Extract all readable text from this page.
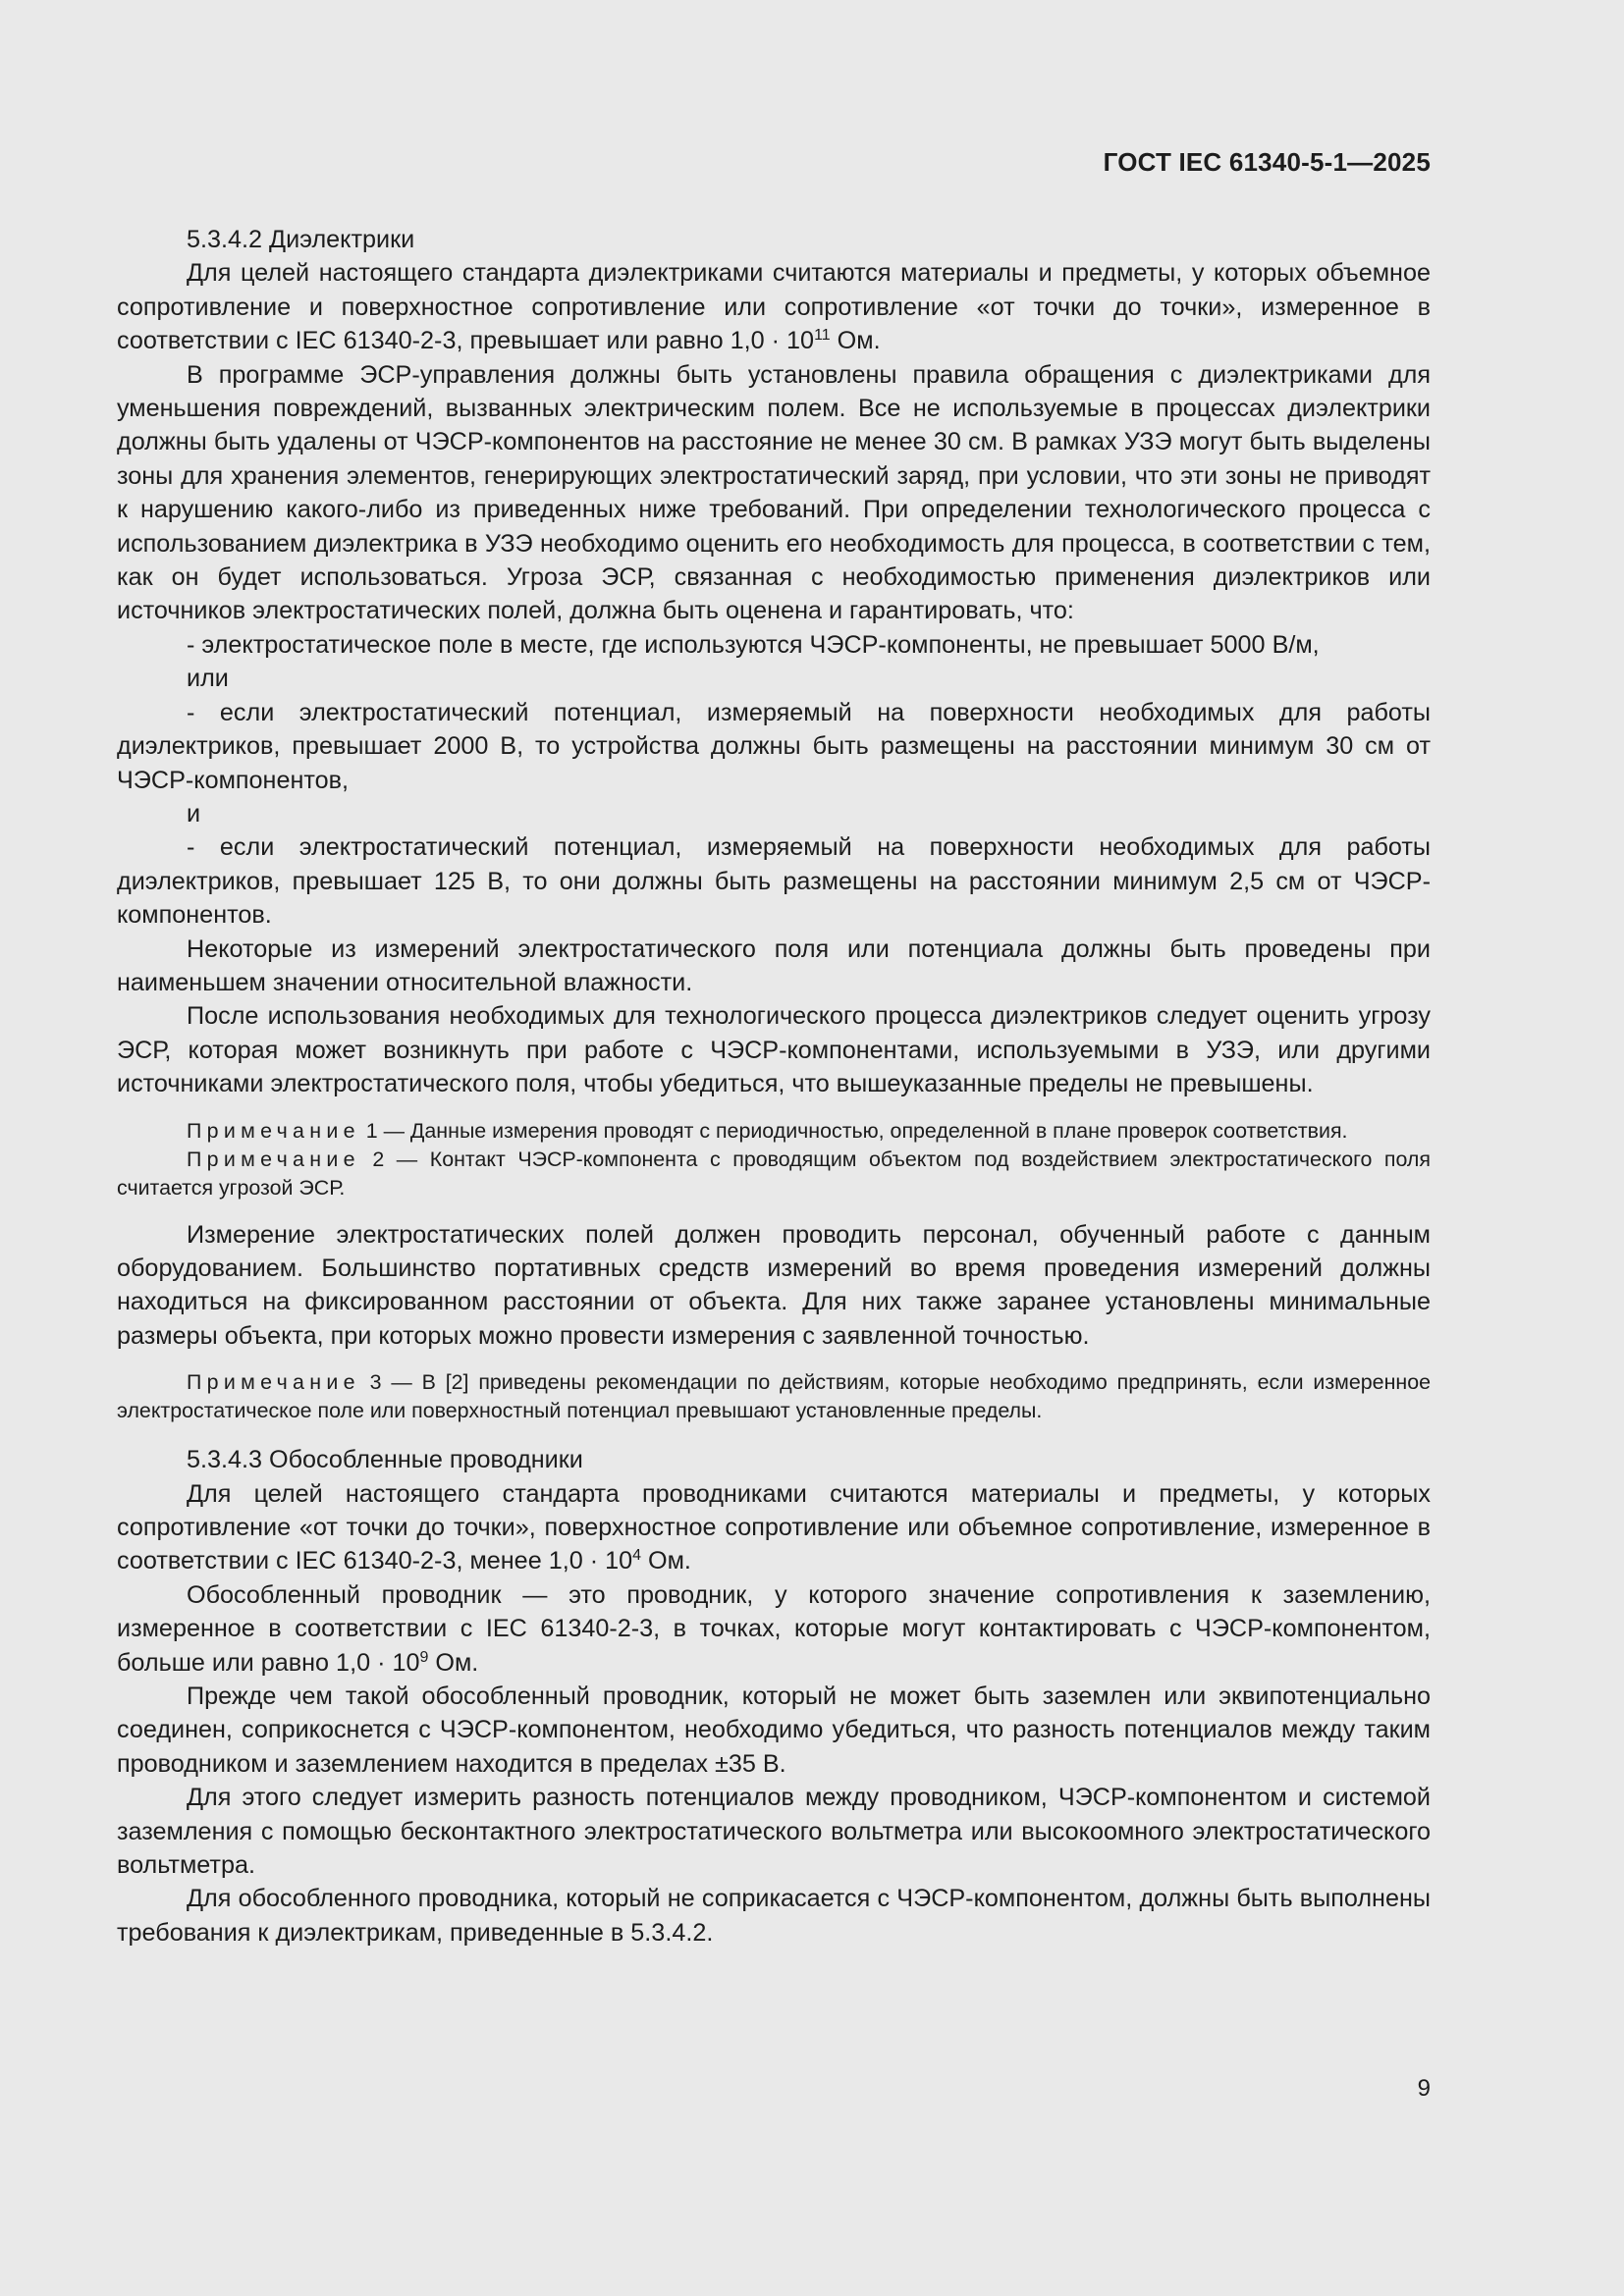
ГОСТ IEC 61340-5-1—2025

5.3.4.2 Диэлектрики

Для целей настоящего стандарта диэлектриками считаются материалы и предметы, у которых объемное сопротивление и поверхностное сопротивление или сопротивление «от точки до точки», измеренное в соответствии с IEC 61340-2-3, превышает или равно $1,0 \cdot 10^{11}$ Ом.

В программе ЭСР-управления должны быть установлены правила обращения с диэлектриками для уменьшения повреждений, вызванных электрическим полем. Все не используемые в процессах диэлектрики должны быть удалены от ЧЭСР-компонентов на расстояние не менее 30 см. В рамках УЗЭ могут быть выделены зоны для хранения элементов, генерирующих электростатический заряд, при условии, что эти зоны не приводят к нарушению какого-либо из приведенных ниже требований. При определении технологического процесса с использованием диэлектрика в УЗЭ необходимо оценить его необходимость для процесса, в соответствии с тем, как он будет использоваться. Угроза ЭСР, связанная с необходимостью применения диэлектриков или источников электростатических полей, должна быть оценена и гарантировать, что:

- электростатическое поле в месте, где используются ЧЭСР-компоненты, не превышает 5000 В/м,

или

- если электростатический потенциал, измеряемый на поверхности необходимых для работы диэлектриков, превышает 2000 В, то устройства должны быть размещены на расстоянии минимум 30 см от ЧЭСР-компонентов,

и

- если электростатический потенциал, измеряемый на поверхности необходимых для работы диэлектриков, превышает 125 В, то они должны быть размещены на расстоянии минимум 2,5 см от ЧЭСР-компонентов.

Некоторые из измерений электростатического поля или потенциала должны быть проведены при наименьшем значении относительной влажности.

После использования необходимых для технологического процесса диэлектриков следует оценить угрозу ЭСР, которая может возникнуть при работе с ЧЭСР-компонентами, используемыми в УЗЭ, или другими источниками электростатического поля, чтобы убедиться, что вышеуказанные пределы не превышены.

Примечание 1 — Данные измерения проводят с периодичностью, определенной в плане проверок соответствия.

Примечание 2 — Контакт ЧЭСР-компонента с проводящим объектом под воздействием электростатического поля считается угрозой ЭСР.

Измерение электростатических полей должен проводить персонал, обученный работе с данным оборудованием. Большинство портативных средств измерений во время проведения измерений должны находиться на фиксированном расстоянии от объекта. Для них также заранее установлены минимальные размеры объекта, при которых можно провести измерения с заявленной точностью.

Примечание 3 — В [2] приведены рекомендации по действиям, которые необходимо предпринять, если измеренное электростатическое поле или поверхностный потенциал превышают установленные пределы.

5.3.4.3 Обособленные проводники

Для целей настоящего стандарта проводниками считаются материалы и предметы, у которых сопротивление «от точки до точки», поверхностное сопротивление или объемное сопротивление, измеренное в соответствии с IEC 61340-2-3, менее $1,0 \cdot 10^4$ Ом.

Обособленный проводник — это проводник, у которого значение сопротивления к заземлению, измеренное в соответствии с IEC 61340-2-3, в точках, которые могут контактировать с ЧЭСР-компонентом, больше или равно $1,0 \cdot 10^9$ Ом.

Прежде чем такой обособленный проводник, который не может быть заземлен или эквипотенциально соединен, соприкоснется с ЧЭСР-компонентом, необходимо убедиться, что разность потенциалов между таким проводником и заземлением находится в пределах ±35 В.

Для этого следует измерить разность потенциалов между проводником, ЧЭСР-компонентом и системой заземления с помощью бесконтактного электростатического вольтметра или высокоомного электростатического вольтметра.

Для обособленного проводника, который не соприкасается с ЧЭСР-компонентом, должны быть выполнены требования к диэлектрикам, приведенные в 5.3.4.2.

9
